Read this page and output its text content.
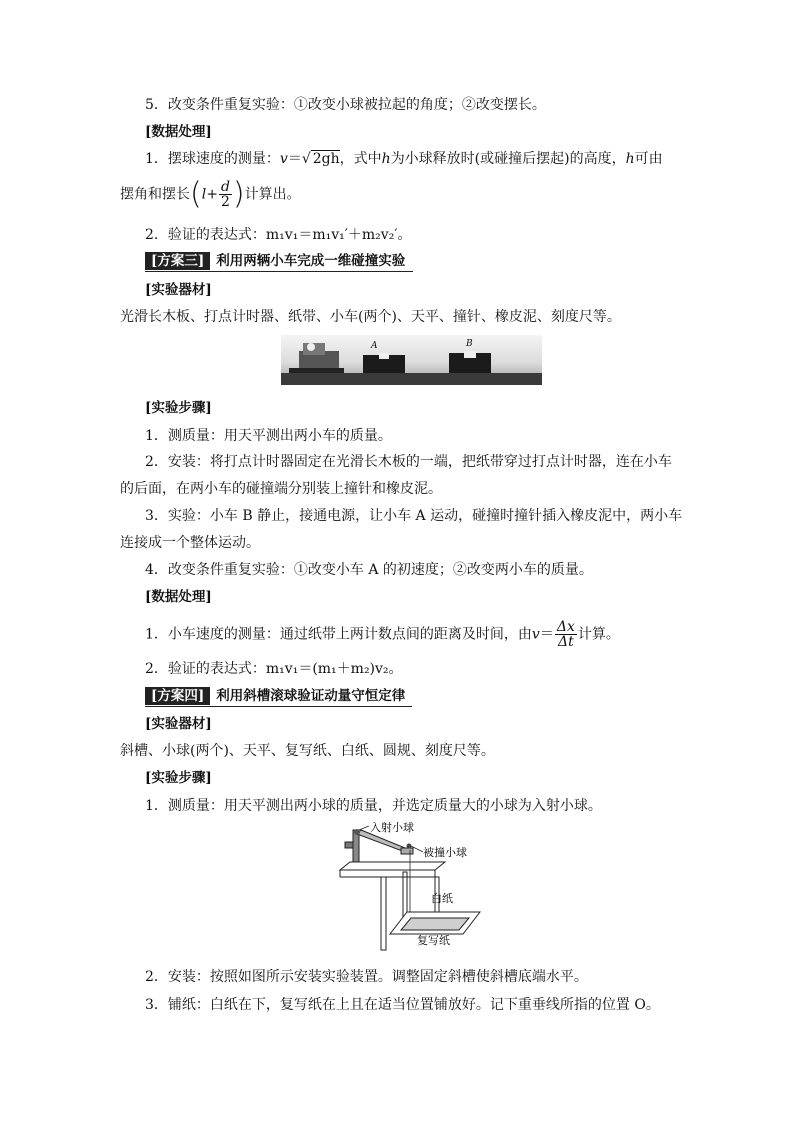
5．改变条件重复实验：①改变小球被拉起的角度；②改变摆长。
[数据处理]
1．摆球速度的测量：v＝√ 2gh，式中h为小球释放时(或碰撞后摆起)的高度，h可由
摆角和摆长($l+ \frac{d}{2}$ )计算出。
2．验证的表达式：m₁v₁＝m₁v₁′＋m₂v₂′。
[方案三] 利用两辆小车完成一维碰撞实验
[实验器材]
光滑长木板、打点计时器、纸带、小车(两个)、天平、撞针、橡皮泥、刻度尺等。
A	B
[实验步骤]
1．测质量：用天平测出两小车的质量。
2．安装：将打点计时器固定在光滑长木板的一端，把纸带穿过打点计时器，连在小车
的后面，在两小车的碰撞端分别装上撞针和橡皮泥。
3．实验：小车 B 静止，接通电源，让小车 A 运动，碰撞时撞针插入橡皮泥中，两小车
连接成一个整体运动。
4．改变条件重复实验：①改变小车 A 的初速度；②改变两小车的质量。
[数据处理]
1．小车速度的测量：通过纸带上两计数点间的距离及时间，由$v= \frac{\Delta x}{\Delta t}$计算。
2．验证的表达式：m₁v₁＝(m₁＋m₂)v₂。
[方案四] 利用斜槽滚球验证动量守恒定律
[实验器材]
斜槽、小球(两个)、天平、复写纸、白纸、圆规、刻度尺等。
[实验步骤]
1．测质量：用天平测出两小球的质量，并选定质量大的小球为入射小球。
入射小球
被撞小球
白纸
复写纸
2．安装：按照如图所示安装实验装置。调整固定斜槽使斜槽底端水平。
3．铺纸：白纸在下，复写纸在上且在适当位置铺放好。记下重垂线所指的位置 O。
